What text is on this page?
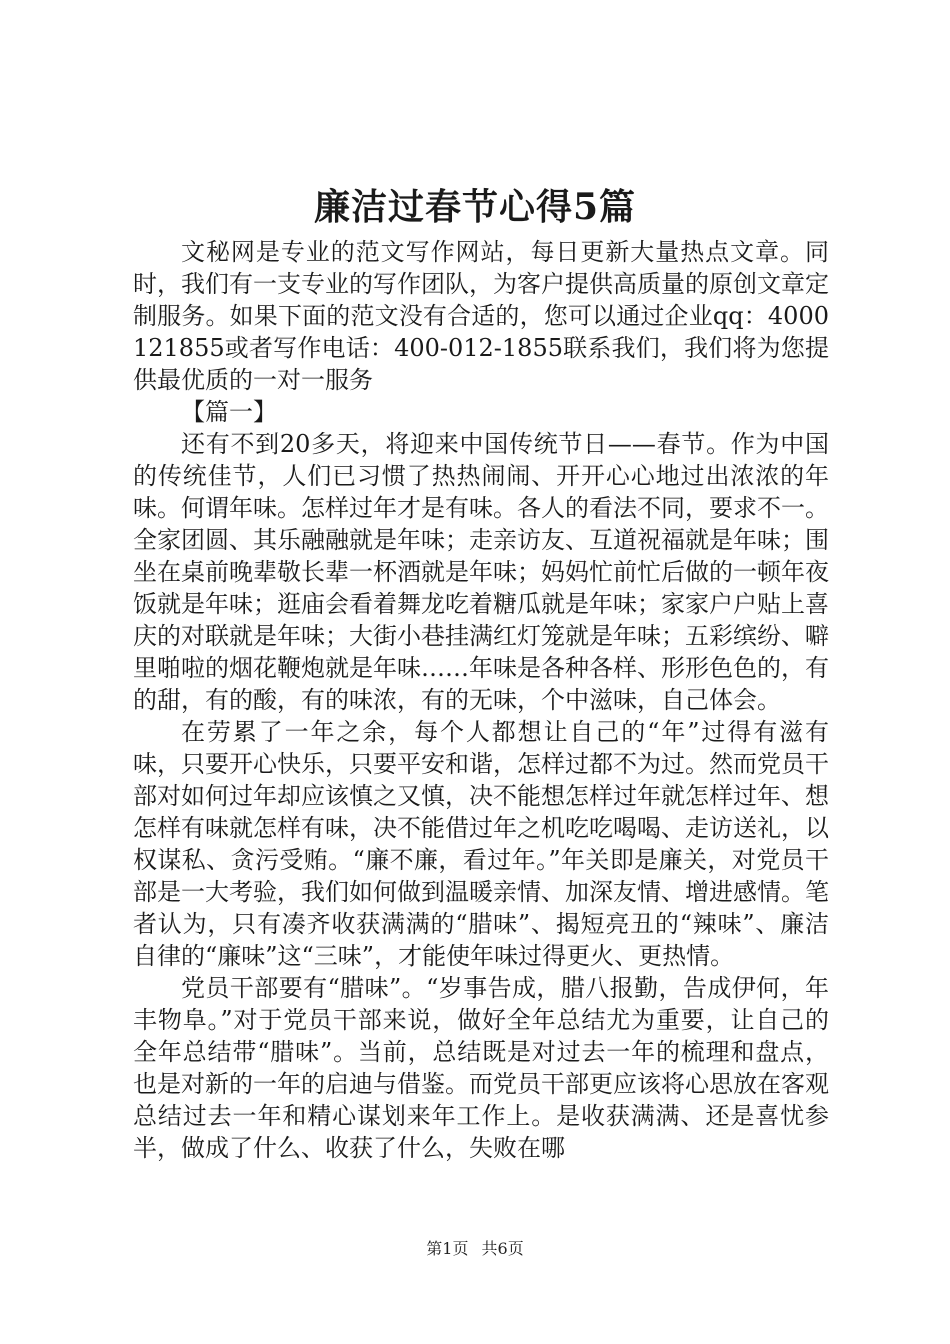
廉洁过春节心得5篇

文秘网是专业的范文写作网站，每日更新大量热点文章。同时，我们有一支专业的写作团队，为客户提供高质量的原创文章定制服务。如果下面的范文没有合适的，您可以通过企业qq：4000121855或者写作电话：400-012-1855联系我们，我们将为您提供最优质的一对一服务

【篇一】

还有不到20多天，将迎来中国传统节日——春节。作为中国的传统佳节，人们已习惯了热热闹闹、开开心心地过出浓浓的年味。何谓年味。怎样过年才是有味。各人的看法不同，要求不一。全家团圆、其乐融融就是年味；走亲访友、互道祝福就是年味；围坐在桌前晚辈敬长辈一杯酒就是年味；妈妈忙前忙后做的一顿年夜饭就是年味；逛庙会看着舞龙吃着糖瓜就是年味；家家户户贴上喜庆的对联就是年味；大街小巷挂满红灯笼就是年味；五彩缤纷、噼里啪啦的烟花鞭炮就是年味……年味是各种各样、形形色色的，有的甜，有的酸，有的味浓，有的无味，个中滋味，自己体会。

在劳累了一年之余，每个人都想让自己的“年”过得有滋有味，只要开心快乐，只要平安和谐，怎样过都不为过。然而党员干部对如何过年却应该慎之又慎，决不能想怎样过年就怎样过年、想怎样有味就怎样有味，决不能借过年之机吃吃喝喝、走访送礼，以权谋私、贪污受贿。“廉不廉，看过年。”年关即是廉关，对党员干部是一大考验，我们如何做到温暖亲情、加深友情、增进感情。笔者认为，只有凑齐收获满满的“腊味”、揭短亮丑的“辣味”、廉洁自律的“廉味”这“三味”，才能使年味过得更火、更热情。

党员干部要有“腊味”。“岁事告成，腊八报勤，告成伊何，年丰物阜。”对于党员干部来说，做好全年总结尤为重要，让自己的全年总结带“腊味”。当前，总结既是对过去一年的梳理和盘点，也是对新的一年的启迪与借鉴。而党员干部更应该将心思放在客观总结过去一年和精心谋划来年工作上。是收获满满、还是喜忧参半，做成了什么、收获了什么，失败在哪

第1页 共6页
